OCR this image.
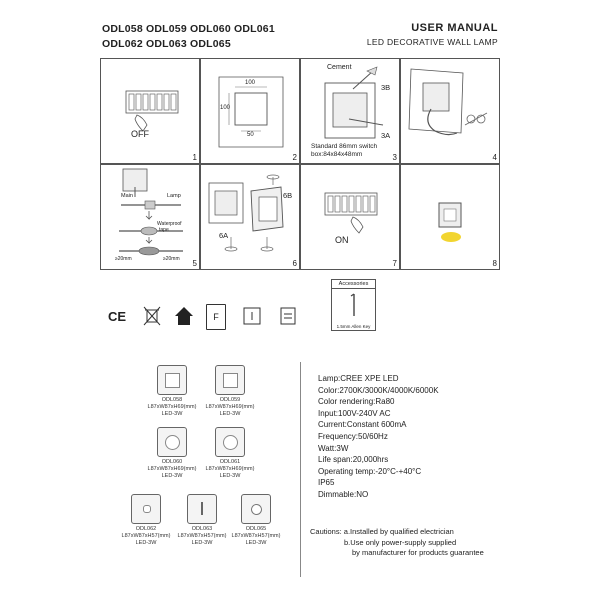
ODL058 ODL059 ODL060 ODL061
ODL062 ODL063 ODL065
USER MANUAL
LED DECORATIVE WALL LAMP
OFF
1
100
100
50
2
Cement
3B
3A
Standard 86mm switch
box:84x84x48mm	3	4
Main	Lamp
Waterproof
tape
≥20mm	≥20mm 5
6B
6A
6
ON
7	8
CE	F
Accessories
1.5mm Allen Key
ODL058
L87xW87xH69(mm)
LED-3W
ODL059
L87xW87xH69(mm)
LED-3W
ODL060
L87xW87xH69(mm)
LED-3W
ODL061
L87xW87xH69(mm)
LED-3W
ODL062
L87xW87xH57(mm)
LED-3W
ODL063
L87xW87xH57(mm)
LED-3W
ODL065
L87xW87xH57(mm)
LED-3W
Lamp:CREE XPE LED
Color:2700K/3000K/4000K/6000K
Color rendering:Ra80
Input:100V-240V AC
Current:Constant 600mA
Frequency:50/60Hz
Watt:3W
Life span:20,000hrs
Operating temp:-20°C-+40°C
IP65
Dimmable:NO
Cautions: a.Installed by qualified electrician
b.Use only power-supply supplied
by manufacturer for products guarantee
